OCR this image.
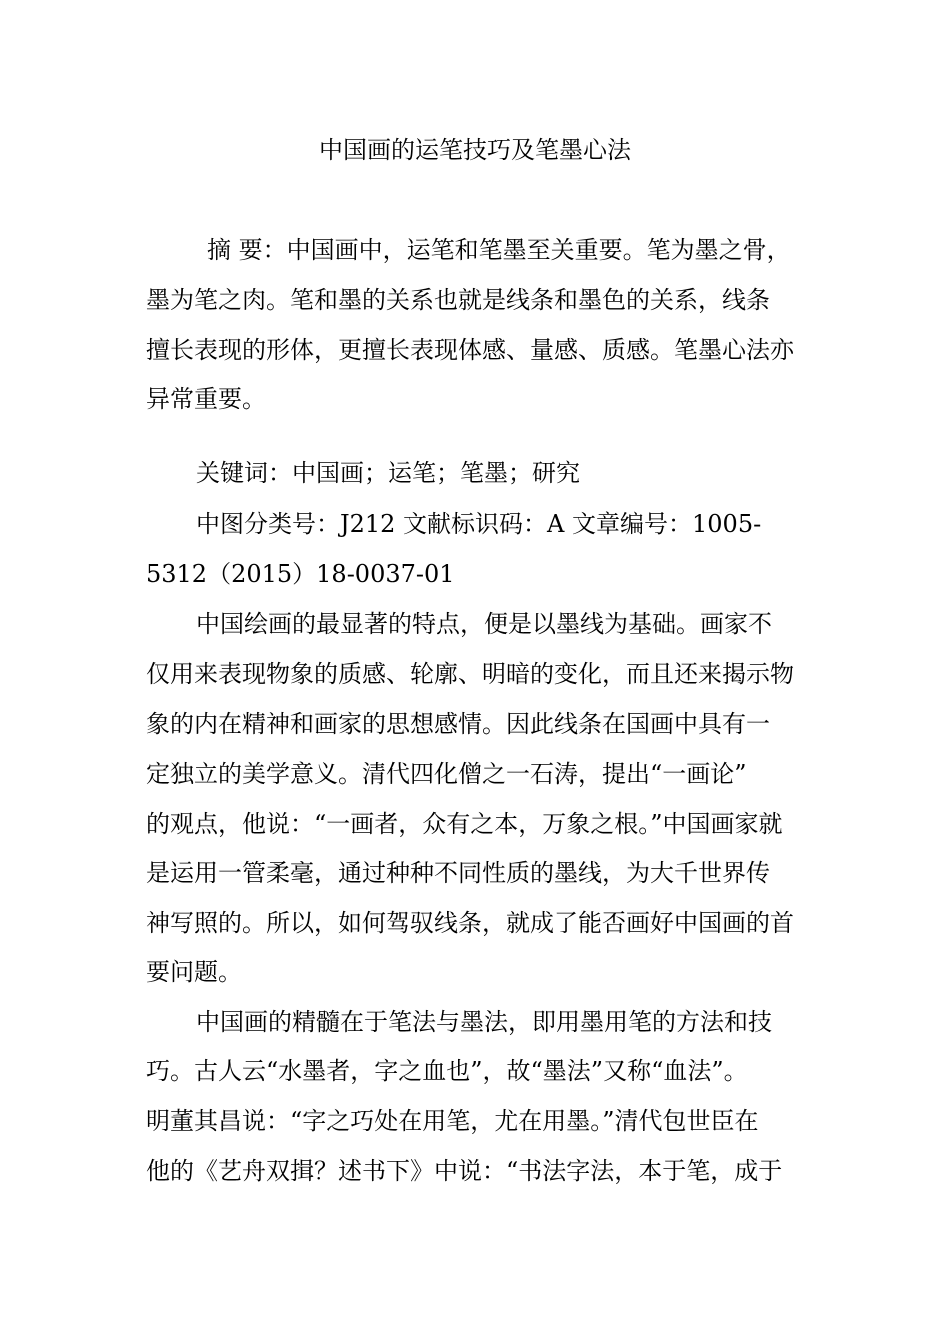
中国画的运笔技巧及笔墨心法
摘 要：中国画中，运笔和笔墨至关重要。笔为墨之骨，
墨为笔之肉。笔和墨的关系也就是线条和墨色的关系，线条
擅长表现的形体，更擅长表现体感、量感、质感。笔墨心法亦
异常重要。
关键词：中国画；运笔；笔墨；研究
中图分类号：J212 文献标识码：A 文章编号：1005-
5312（2015）18-0037-01
中国绘画的最显著的特点，便是以墨线为基础。画家不
仅用来表现物象的质感、轮廓、明暗的变化，而且还来揭示物
象的内在精神和画家的思想感情。因此线条在国画中具有一
定独立的美学意义。清代四化僧之一石涛，提出“一画论”
的观点，他说：“一画者，众有之本，万象之根。”中国画家就
是运用一管柔毫，通过种种不同性质的墨线，为大千世界传
神写照的。所以，如何驾驭线条，就成了能否画好中国画的首
要问题。
中国画的精髓在于笔法与墨法，即用墨用笔的方法和技
巧。古人云“水墨者，字之血也”，故“墨法”又称“血法”。
明董其昌说：“字之巧处在用笔，尤在用墨。”清代包世臣在
他的《艺舟双揖？述书下》中说：“书法字法，本于笔，成于
